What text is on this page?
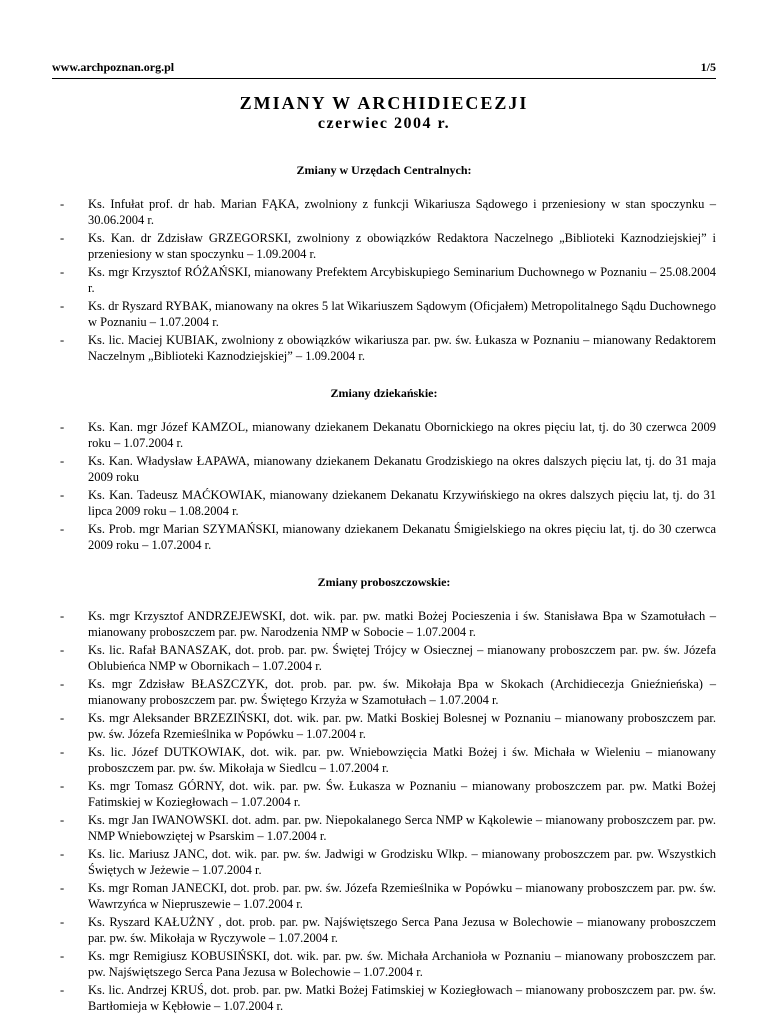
www.archpoznan.org.pl	1/5
ZMIANY W ARCHIDIECEZJI
czerwiec 2004 r.
Zmiany w Urzędach Centralnych:
- Ks. Infułat prof. dr hab. Marian FĄKA, zwolniony z funkcji Wikariusza Sądowego i przeniesiony w stan spoczynku – 30.06.2004 r.
- Ks. Kan. dr Zdzisław GRZEGORSKI, zwolniony z obowiązków Redaktora Naczelnego „Biblioteki Kaznodziejskiej” i przeniesiony w stan spoczynku – 1.09.2004 r.
- Ks. mgr Krzysztof RÓŻAŃSKI, mianowany Prefektem Arcybiskupiego Seminarium Duchownego w Poznaniu – 25.08.2004 r.
- Ks. dr Ryszard RYBAK, mianowany na okres 5 lat Wikariuszem Sądowym (Oficjałem) Metropolitalnego Sądu Duchownego w Poznaniu – 1.07.2004 r.
- Ks. lic. Maciej KUBIAK, zwolniony z obowiązków wikariusza par. pw. św. Łukasza w Poznaniu – mianowany Redaktorem Naczelnym „Biblioteki Kaznodziejskiej” – 1.09.2004 r.
Zmiany dziekańskie:
- Ks. Kan. mgr Józef KAMZOL, mianowany dziekanem Dekanatu Obornickiego na okres pięciu lat, tj. do 30 czerwca 2009 roku – 1.07.2004 r.
- Ks. Kan. Władysław ŁAPAWA, mianowany dziekanem Dekanatu Grodziskiego na okres dalszych pięciu lat, tj. do 31 maja 2009 roku
- Ks. Kan. Tadeusz MAĆKOWIAK, mianowany dziekanem Dekanatu Krzywińskiego na okres dalszych pięciu lat, tj. do 31 lipca 2009 roku – 1.08.2004 r.
- Ks. Prob. mgr Marian SZYMAŃSKI, mianowany dziekanem Dekanatu Śmigielskiego na okres pięciu lat, tj. do 30 czerwca 2009 roku – 1.07.2004 r.
Zmiany proboszczowskie:
- Ks. mgr Krzysztof ANDRZEJEWSKI, dot. wik. par. pw. matki Bożej Pocieszenia i św. Stanisława Bpa w Szamotułach – mianowany proboszczem par. pw. Narodzenia NMP w Sobocie – 1.07.2004 r.
- Ks. lic. Rafał BANASZAK, dot. prob. par. pw. Świętej Trójcy w Osiecznej – mianowany proboszczem par. pw. św. Józefa Oblubieńca NMP w Obornikach – 1.07.2004 r.
- Ks. mgr Zdzisław BŁASZCZYK, dot. prob. par. pw. św. Mikołaja Bpa w Skokach (Archidiecezja Gnieźnieńska) – mianowany proboszczem par. pw. Świętego Krzyża w Szamotułach – 1.07.2004 r.
- Ks. mgr Aleksander BRZEZIŃSKI, dot. wik. par. pw. Matki Boskiej Bolesnej w Poznaniu – mianowany proboszczem par. pw. św. Józefa Rzemieślnika w Popówku – 1.07.2004 r.
- Ks. lic. Józef DUTKOWIAK, dot. wik. par. pw. Wniebowzięcia Matki Bożej i św. Michała w Wieleniu – mianowany proboszczem par. pw. św. Mikołaja w Siedlcu – 1.07.2004 r.
- Ks. mgr Tomasz GÓRNY, dot. wik. par. pw. Św. Łukasza w Poznaniu – mianowany proboszczem par. pw. Matki Bożej Fatimskiej w Koziegłowach – 1.07.2004 r.
- Ks. mgr Jan IWANOWSKI. dot. adm. par. pw. Niepokalanego Serca NMP w Kąkolewie – mianowany proboszczem par. pw. NMP Wniebowziętej w Psarskim – 1.07.2004 r.
- Ks. lic. Mariusz JANC, dot. wik. par. pw. św. Jadwigi w Grodzisku Wlkp. – mianowany proboszczem par. pw. Wszystkich Świętych w Jeżewie – 1.07.2004 r.
- Ks. mgr Roman JANECKI, dot. prob. par. pw. św. Józefa Rzemieślnika w Popówku – mianowany proboszczem par. pw. św. Wawrzyńca w Niepruszewie – 1.07.2004 r.
- Ks. Ryszard KAŁUŻNY , dot. prob. par. pw. Najświętszego Serca Pana Jezusa w Bolechowie – mianowany proboszczem par. pw. św. Mikołaja w Ryczywole – 1.07.2004 r.
- Ks. mgr Remigiusz KOBUSIŃSKI, dot. wik. par. pw. św. Michała Archanioła w Poznaniu – mianowany proboszczem par. pw. Najświętszego Serca Pana Jezusa w Bolechowie – 1.07.2004 r.
- Ks. lic. Andrzej KRUŚ, dot. prob. par. pw. Matki Bożej Fatimskiej w Koziegłowach – mianowany proboszczem par. pw. św. Bartłomieja w Kębłowie – 1.07.2004 r.
